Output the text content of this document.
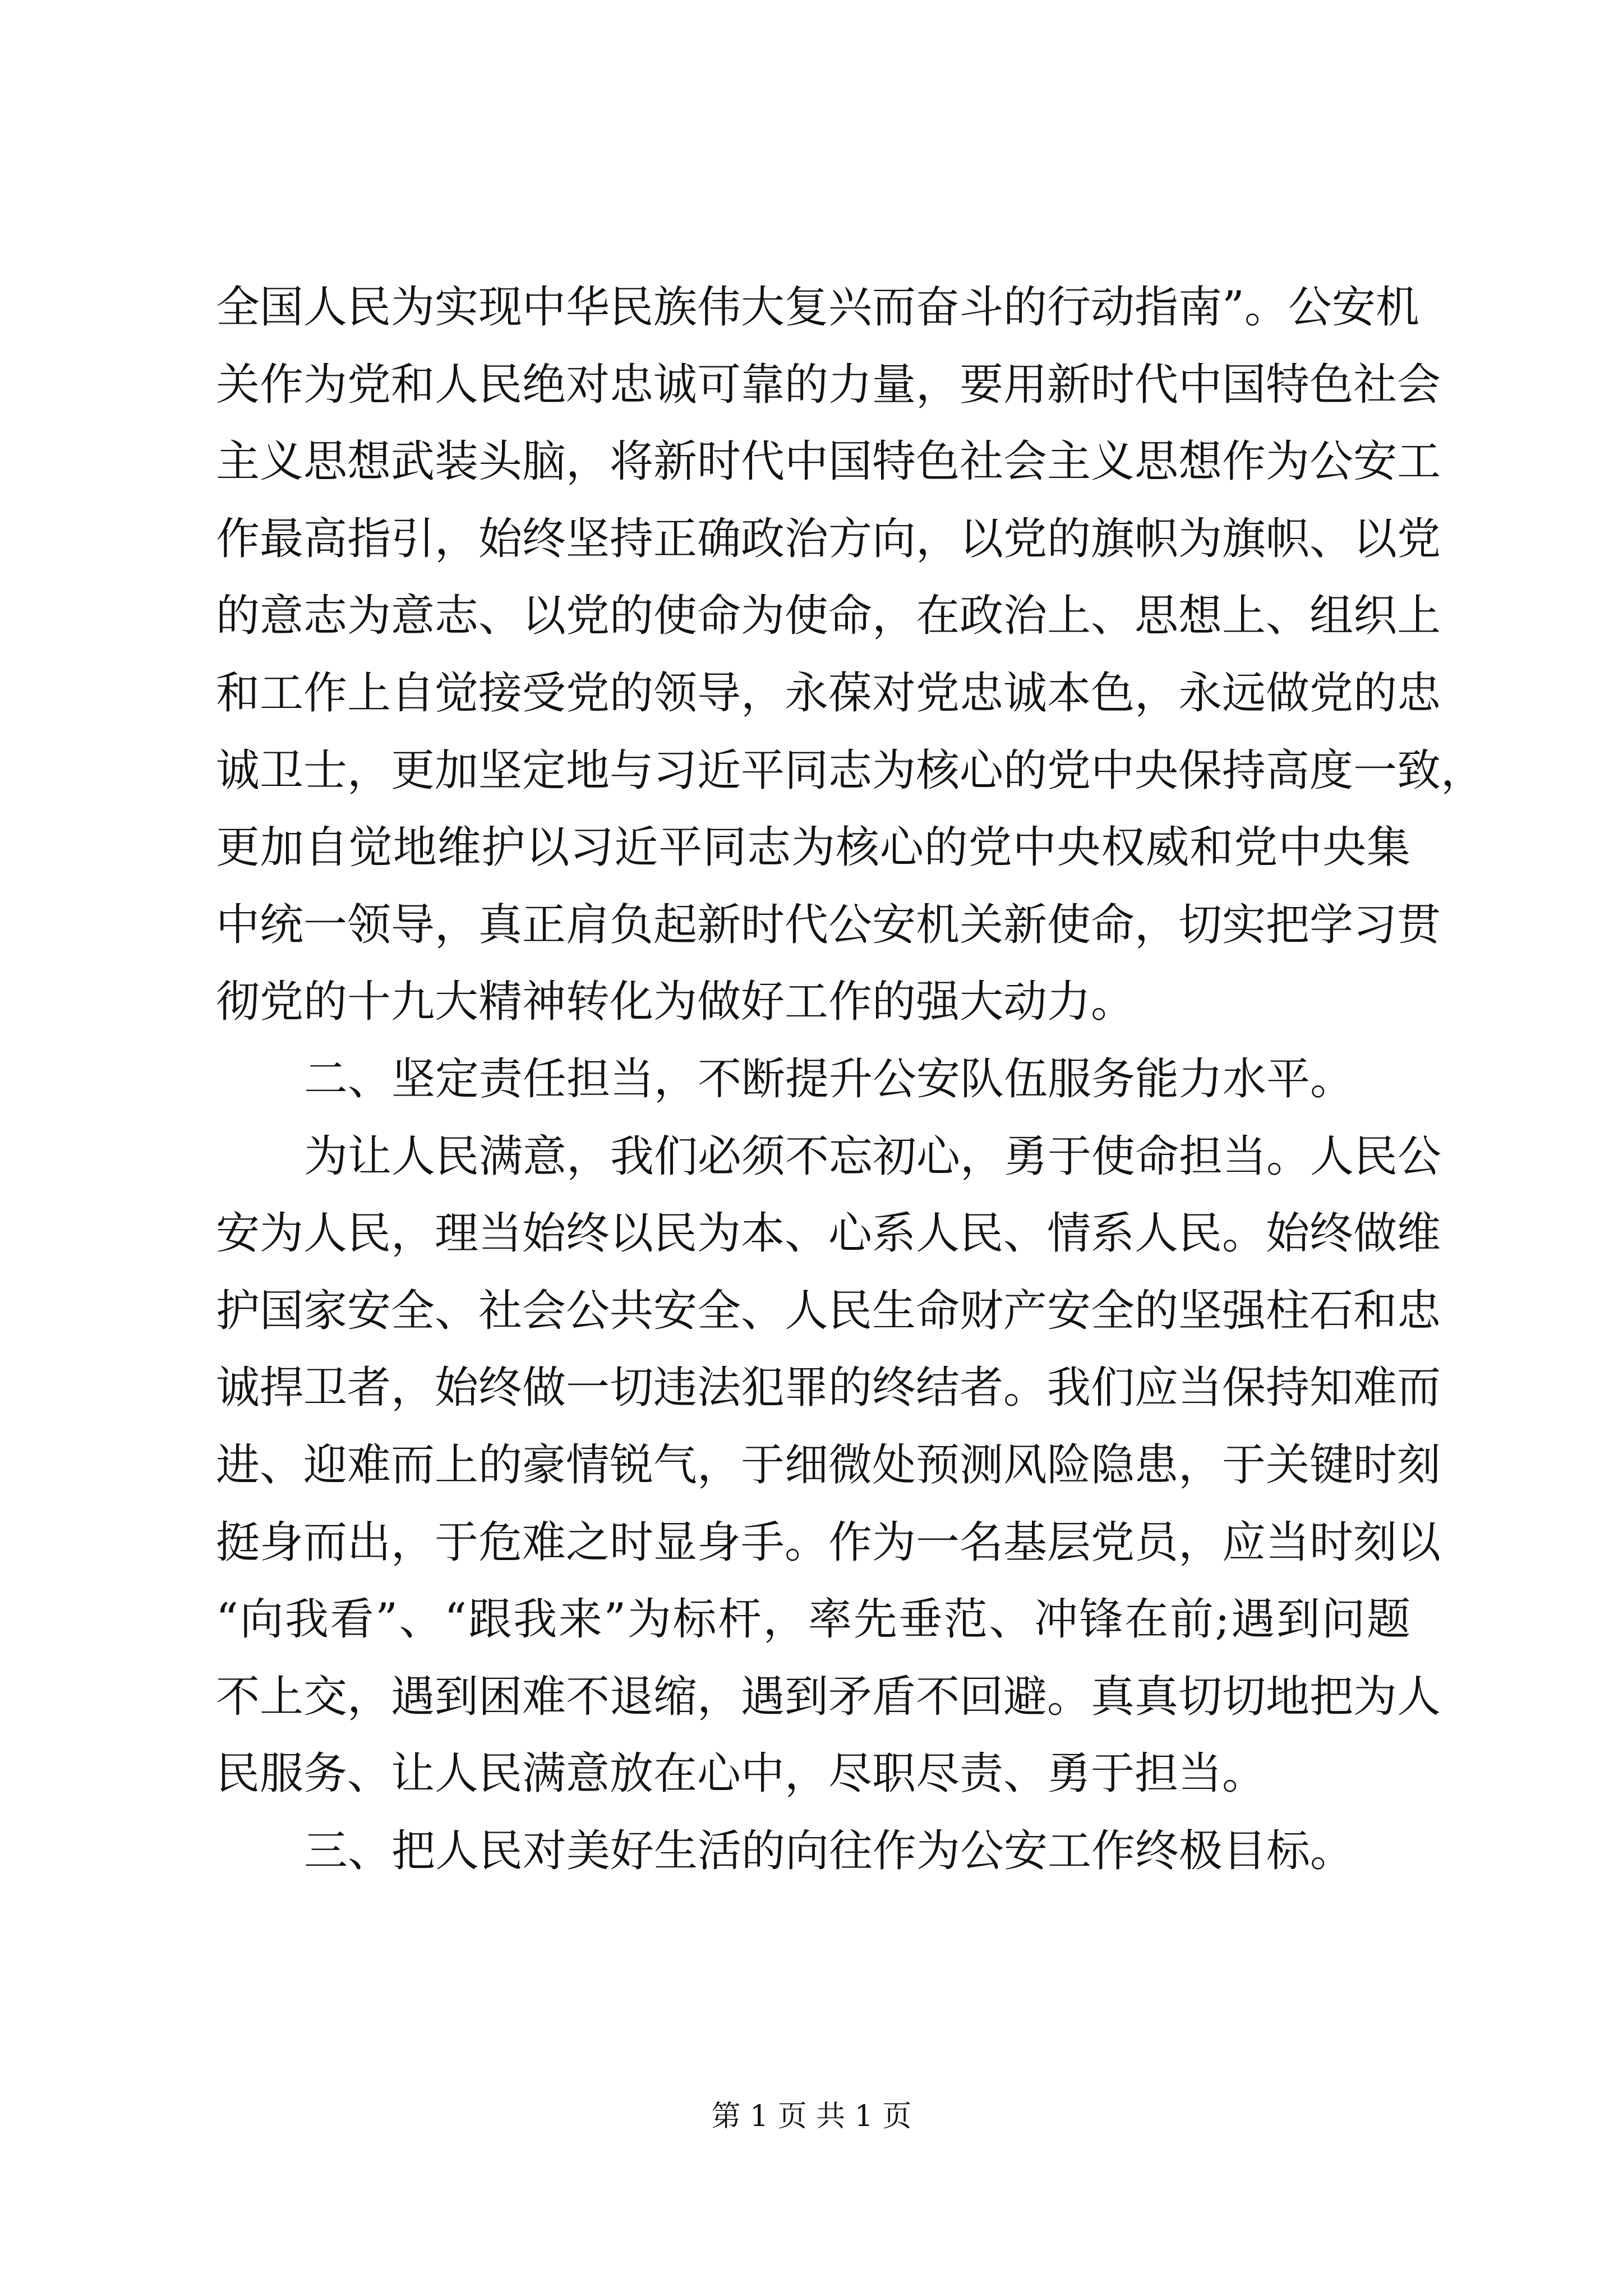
全国人民为实现中华民族伟大复兴而奋斗的行动指南”。公安机
关作为党和人民绝对忠诚可靠的力量，要用新时代中国特色社会
主义思想武装头脑，将新时代中国特色社会主义思想作为公安工
作最高指引，始终坚持正确政治方向，以党的旗帜为旗帜、以党
的意志为意志、以党的使命为使命，在政治上、思想上、组织上
和工作上自觉接受党的领导，永葆对党忠诚本色，永远做党的忠
诚卫士，更加坚定地与习近平同志为核心的党中央保持高度一致，
更加自觉地维护以习近平同志为核心的党中央权威和党中央集
中统一领导，真正肩负起新时代公安机关新使命，切实把学习贯
彻党的十九大精神转化为做好工作的强大动力。
二、坚定责任担当，不断提升公安队伍服务能力水平。
为让人民满意，我们必须不忘初心，勇于使命担当。人民公
安为人民，理当始终以民为本、心系人民、情系人民。始终做维
护国家安全、社会公共安全、人民生命财产安全的坚强柱石和忠
诚捍卫者，始终做一切违法犯罪的终结者。我们应当保持知难而
进、迎难而上的豪情锐气，于细微处预测风险隐患，于关键时刻
挺身而出，于危难之时显身手。作为一名基层党员，应当时刻以
“向我看”、“跟我来”为标杆，率先垂范、冲锋在前;遇到问题
不上交，遇到困难不退缩，遇到矛盾不回避。真真切切地把为人
民服务、让人民满意放在心中，尽职尽责、勇于担当。
三、把人民对美好生活的向往作为公安工作终极目标。
第 1 页 共 1 页
